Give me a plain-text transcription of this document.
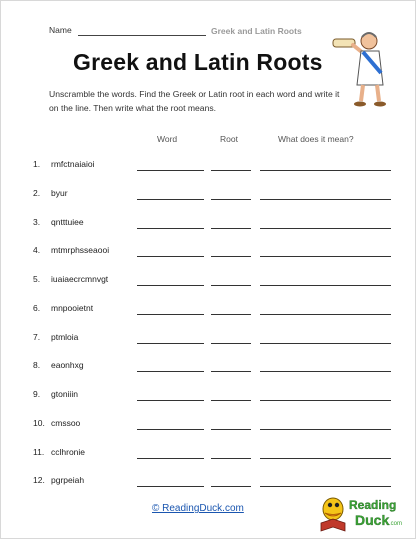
Name	Greek and Latin Roots
Greek and Latin Roots

Unscramble the words. Find the Greek or Latin root in each word and write it on the line. Then write what the root means.

Word	Root	What does it mean?
1. rmfctnaiaioi
2. byur
3. qntttuiee
4. mtmrphsseaooi
5. iuaiaecrcmnvgt
6. mnpooietnt
7. ptmloia
8. eaonhxg
9. gtoniiin
10. cmssoo
11. cclhronie
12. pgrpeiah
© ReadingDuck.com	Reading
Duck .com
